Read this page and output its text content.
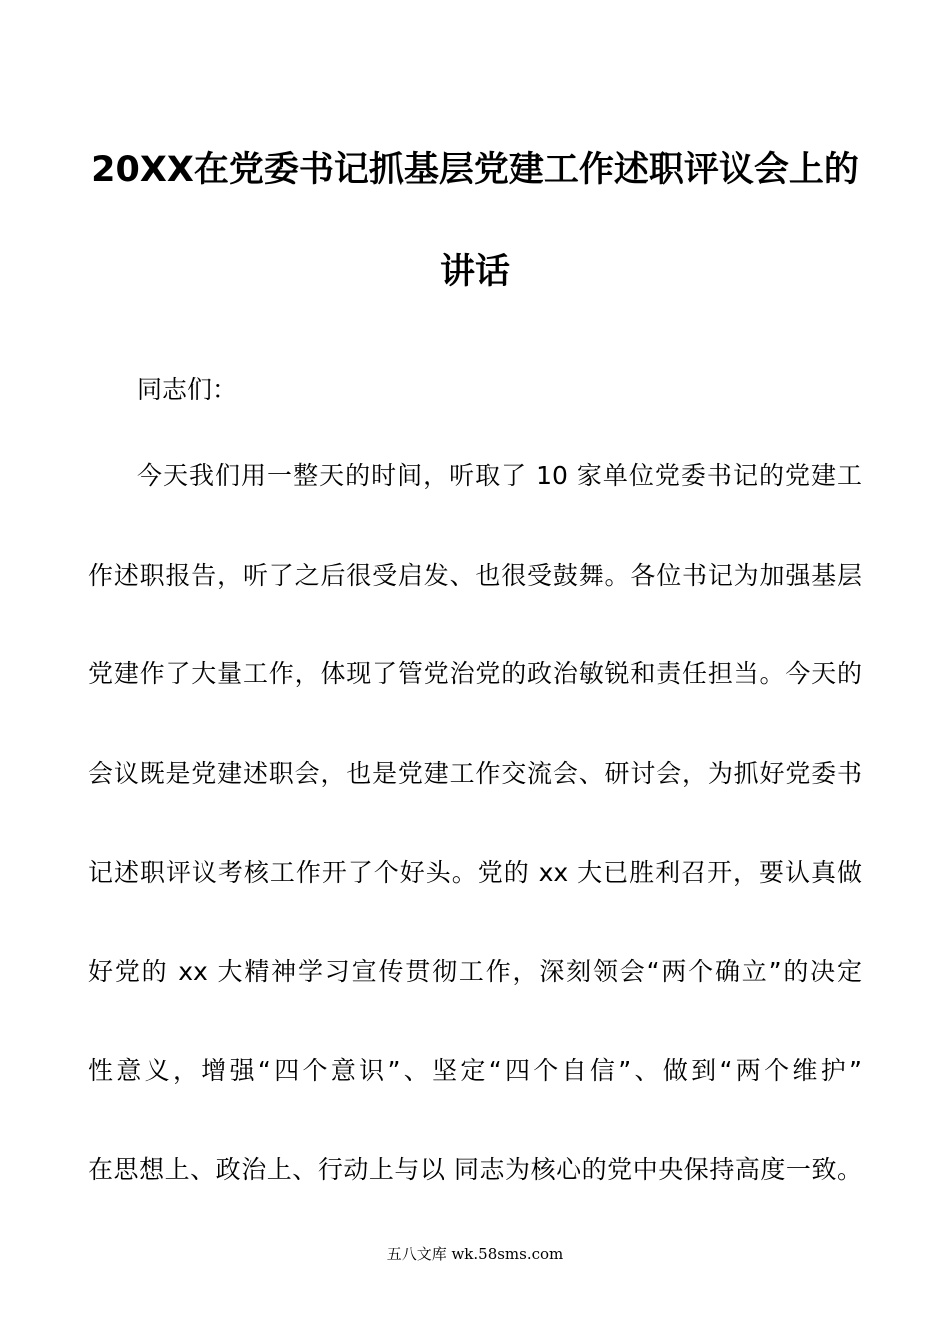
20XX在党委书记抓基层党建工作述职评议会上的
讲话
同志们：
今天我们用一整天的时间，听取了 10 家单位党委书记的党建工
作述职报告，听了之后很受启发、也很受鼓舞。各位书记为加强基层
党建作了大量工作，体现了管党治党的政治敏锐和责任担当。今天的
会议既是党建述职会，也是党建工作交流会、研讨会，为抓好党委书
记述职评议考核工作开了个好头。党的 xx 大已胜利召开，要认真做
好党的 xx 大精神学习宣传贯彻工作，深刻领会“两个确立”的决定
性意义，增强“四个意识”、坚定“四个自信”、做到“两个维护”
在思想上、政治上、行动上与以 同志为核心的党中央保持高度一致。
五八文库 wk.58sms.com
